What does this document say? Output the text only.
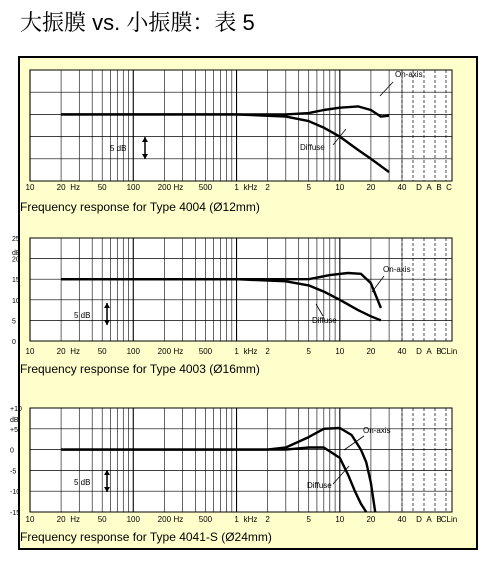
大振膜 vs. 小振膜：表 5
10	20 Hz 50 100 200 Hz 500	1 kHz 2	5	10	20	40 D A B C
5 dB
On-axis
Diffuse
Frequency response for Type 4004 (Ø12mm)
10	20 Hz 50 100 200 Hz 500	1 kHz 2	5	10	20	40 D A B CLin
dB
0
5
10
15
20
25
5 dB
On-axis
Diffuse
Frequency response for Type 4003 (Ø16mm)
10	20 Hz 50 100 200 Hz 500	1 kHz 2	5	10	20	40 D A B CLin
dB
-15
-10
-5
0
+5
+10
5 dB
On-axis
Diffuse
Frequency response for Type 4041-S (Ø24mm)
